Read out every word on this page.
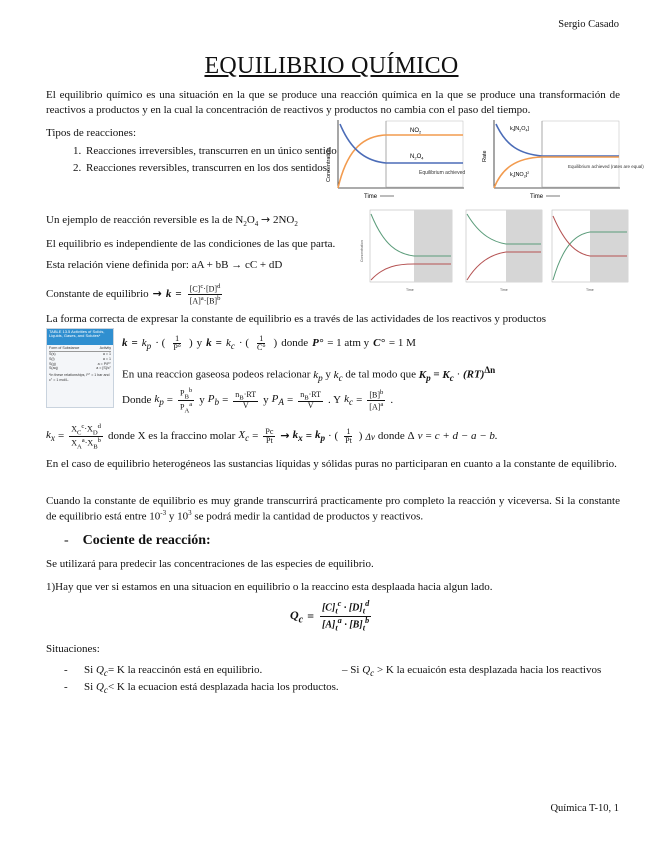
Sergio Casado
EQUILIBRIO QUÍMICO
El equilibrio químico es una situación en la que se produce una reacción química en la que se produce una transformación de reactivos a productos y en la cual la concentración de reactivos y productos no cambia con el paso del tiempo.
Tipos de reacciones:
1. Reacciones irreversibles, transcurren en un único sentido
2. Reacciones reversibles, transcurren en los dos sentidos.
Un ejemplo de reacción reversible es la de $N_2O_4 \to 2NO_2$
El equilibrio es independiente de las condiciones de las que parta.
Esta relación viene definida por: aA + bB → cC + dD
Constante de equilibrio → $k = \frac{[C]^c\cdot[D]^d}{[A]^a\cdot[B]^b}$
$NO_2$
$N_2O_4$
Equilibrium achieved
Time
Concentration
$k_f[N_2O_4]$
$k_r[NO_2]^2$
Equilibrium achieved (rates are equal)
Time
Rate
Concentration
Time	Time	Time
La forma correcta de expresar la constante de equilibrio es a través de las actividades de los reactivos y productos
TABLE 13.5 Activities of Solids, Liquids, Gases, and Solutes*
Form of Substance	Activity
S(s)	a = 1
S(l)	a = 1
S(g)	a = P/P°
S(aq)	a = [S]/c°
*In these relationships, P° = 1 bar and c° = 1 mol/L.
$k = k_p$ · ( $\frac{1}{P^\circ}$ ) y $k = k_c$ · ( $\frac{1}{C^\circ}$ ) donde P° = 1 atm y C° = 1 M
En una reaccion gaseosa podeos relacionar $k_p$ y $k_c$ de tal modo que $K_p = K_c \cdot (RT)^{\Delta n}$
Donde $k_p = \frac{P_B^b}{P_A^a}$ y $P_b = \frac{n_B\cdot RT}{V}$ y $P_A = \frac{n_B\cdot RT}{V}$ . Y $k_c = \frac{[B]^b}{[A]^a}$ .
$k_x = \frac{X_C^c\cdot X_D^d}{X_A^a\cdot X_B^b}$ donde X es la fraccino molar $X_c = \frac{Pc}{Pt} \to k_x = k_p$ · ( $\frac{1}{Pt}$ ) Δν donde Δ ν = c + d − a − b.
En el caso de equilibrio heterogéneos las sustancias líquidas y sólidas puras no participaran en cuanto a la constante de equilibrio.
Cuando la constante de equilibrio es muy grande transcurrirá practicamente pro completo la reacción y viceversa. Si la constante de equilibrio está entre $10^{-3}$ y $10^3$ se podrá medir la cantidad de productos y reactivos.
- Cociente de reacción:
Se utilizará para predecir las concentraciones de las especies de equilibrio.
1)Hay que ver si estamos en una situacion en equilibrio o la reaccino esta desplaada hacia algun lado.
$Q_c = \frac{[C]_t^c \cdot [D]_t^d}{[A]_t^a \cdot [B]_t^b}$
Situaciones:
- Si $Q_c= K$ la reaccinón está en equilibrio.
- Si $Q_c< K$ la ecuacion está desplazada hacia los productos.
– Si $Q_c > K$ la ecuaicón esta desplazada hacia los reactivos
Química T-10, 1
